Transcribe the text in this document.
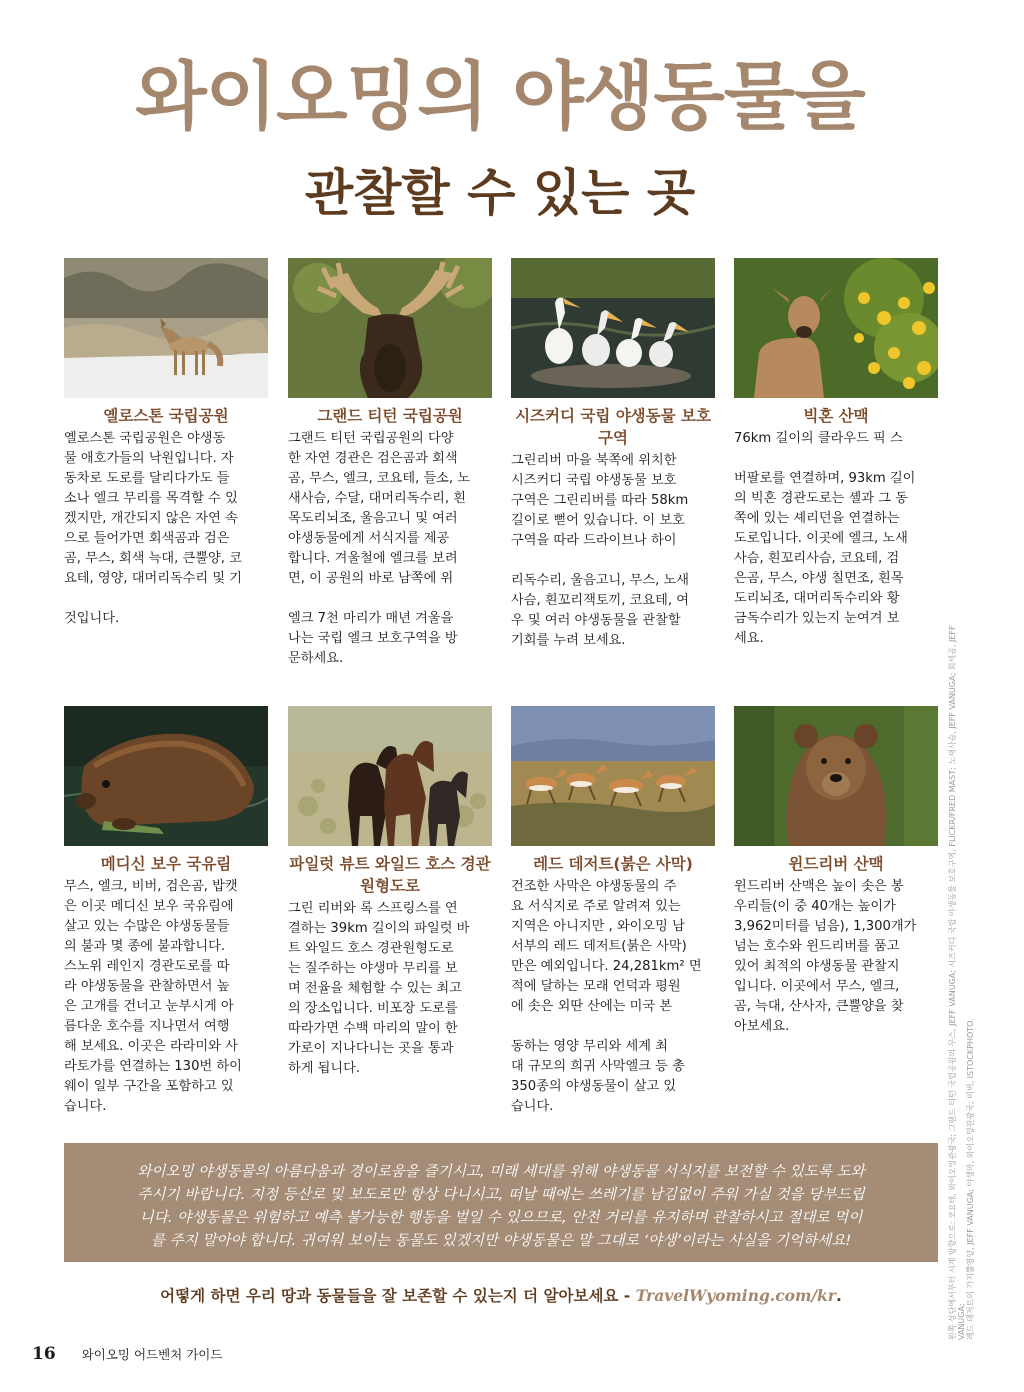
와이오밍의 야생동물을
관찰할 수 있는 곳
옐로스톤 국립공원
옐로스톤 국립공원은 야생동
물 애호가들의 낙원입니다. 자
동차로 도로를 달리다가도 들
소나 엘크 무리를 목격할 수 있
겠지만, 개간되지 않은 자연 속
으로 들어가면 회색곰과 검은
곰, 무스, 회색 늑대, 큰뿔양, 코
요테, 영양, 대머리독수리 및 기

것입니다.
그랜드 티턴 국립공원
그랜드 티턴 국립공원의 다양
한 자연 경관은 검은곰과 회색
곰, 무스, 엘크, 코요테, 들소, 노
새사슴, 수달, 대머리독수리, 흰
목도리뇌조, 울음고니 및 여러
야생동물에게 서식지를 제공
합니다. 겨울철에 엘크를 보려
면, 이 공원의 바로 남쪽에 위

엘크 7천 마리가 매년 겨울을
나는 국립 엘크 보호구역을 방
문하세요.
시즈커디 국립 야생동물 보호구역
그린리버 마을 북쪽에 위치한
시즈커디 국립 야생동물 보호
구역은 그린리버를 따라 58km
길이로 뻗어 있습니다. 이 보호
구역을 따라 드라이브나 하이

리독수리, 울음고니, 무스, 노새
사슴, 흰꼬리잭토끼, 코요테, 여
우 및 여러 야생동물을 관찰할
기회를 누려 보세요.
빅혼 산맥
76km 길이의 클라우드 픽 스

버팔로를 연결하며, 93km 길이
의 빅혼 경관도로는 셸과 그 동
쪽에 있는 셰리던을 연결하는
도로입니다. 이곳에 엘크, 노새
사슴, 흰꼬리사슴, 코요테, 검
은곰, 무스, 야생 칠면조, 흰목
도리뇌조, 대머리독수리와 황
금독수리가 있는지 눈여겨 보
세요.
메디신 보우 국유림
무스, 엘크, 비버, 검은곰, 밥캣
은 이곳 메디신 보우 국유림에
살고 있는 수많은 야생동물들
의 불과 몇 종에 불과합니다.
스노위 레인지 경관도로를 따
라 야생동물을 관찰하면서 높
은 고개를 건너고 눈부시게 아
름다운 호수를 지나면서 여행
해 보세요. 이곳은 라라미와 사
라토가를 연결하는 130번 하이
웨이 일부 구간을 포함하고 있
습니다.
파일럿 뷰트 와일드 호스 경관원형도로
그린 리버와 록 스프링스를 연
결하는 39km 길이의 파일럿 바
트 와일드 호스 경관원형도로
는 질주하는 야생마 무리를 보
며 전율을 체험할 수 있는 최고
의 장소입니다. 비포장 도로를
따라가면 수백 마리의 말이 한
가로이 지나다니는 곳을 통과
하게 됩니다.
레드 데저트(붉은 사막)
건조한 사막은 야생동물의 주
요 서식지로 주로 알려져 있는
지역은 아니지만 , 와이오밍 남
서부의 레드 데저트(붉은 사막)
만은 예외입니다. 24,281km² 면
적에 달하는 모래 언덕과 평원
에 솟은 외딴 산에는 미국 본

동하는 영양 무리와 세계 최
대 규모의 희귀 사막엘크 등 총
350종의 야생동물이 살고 있
습니다.
윈드리버 산맥
윈드리버 산맥은 높이 솟은 봉
우리들(이 중 40개는 높이가
3,962미터를 넘음), 1,300개가
넘는 호수와 윈드리버를 품고
있어 최적의 야생동물 관찰지
입니다. 이곳에서 무스, 엘크,
곰, 늑대, 산사자, 큰뿔양을 찾
아보세요.
와이오밍 야생동물의 아름다움과 경이로움을 즐기시고, 미래 세대를 위해 야생동물 서식지를 보전할 수 있도록 도와
주시기 바랍니다. 지정 등산로 및 보도로만 항상 다니시고, 떠날 때에는 쓰레기를 남김없이 주워 가실 것을 당부드립
니다. 야생동물은 위험하고 예측 불가능한 행동을 벌일 수 있으므로, 안전 거리를 유지하며 관찰하시고 절대로 먹이
를 주지 말아야 합니다. 귀여워 보이는 동물도 있겠지만 야생동물은 말 그대로 ‘야생’이라는 사실을 기억하세요!
어떻게 하면 우리 땅과 동물들을 잘 보존할 수 있는지 더 알아보세요 - TravelWyoming.com/kr.
왼쪽 상단에서부터 시계 방향으로: 코요테, 와이오밍관광국; 그랜드 티턴 국립공원의 무스, JEFF VANUGA; 시즈커디 국립 야생동물 보호구역, FLICKR/FRED MAST; 노새사슴, JEFF VANUGA; 회색곰, JEFF VANUGA;
레드 데저트의 가지뿔영양, JEFF VANUGA; 야생마, 와이오밍관광국; 비버, ISTOCKPHOTO.
16 와이오밍 어드벤처 가이드
